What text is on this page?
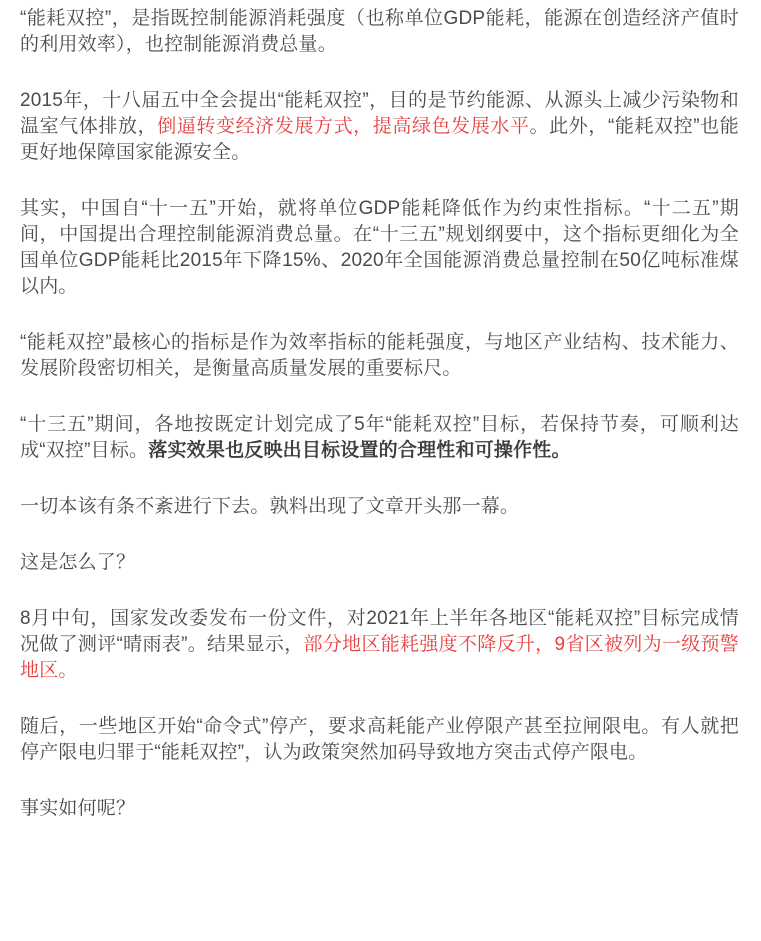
“能耗双控”，是指既控制能源消耗强度（也称单位GDP能耗，能源在创造经济产值时的利用效率），也控制能源消费总量。

2015年，十八届五中全会提出“能耗双控”，目的是节约能源、从源头上减少污染物和温室气体排放，倒逼转变经济发展方式，提高绿色发展水平。此外，“能耗双控”也能更好地保障国家能源安全。

其实，中国自“十一五”开始，就将单位GDP能耗降低作为约束性指标。“十二五”期间，中国提出合理控制能源消费总量。在“十三五”规划纲要中，这个指标更细化为全国单位GDP能耗比2015年下降15%、2020年全国能源消费总量控制在50亿吨标准煤以内。

“能耗双控”最核心的指标是作为效率指标的能耗强度，与地区产业结构、技术能力、发展阶段密切相关，是衡量高质量发展的重要标尺。

“十三五”期间，各地按既定计划完成了5年“能耗双控”目标，若保持节奏，可顺利达成“双控”目标。落实效果也反映出目标设置的合理性和可操作性。

一切本该有条不紊进行下去。孰料出现了文章开头那一幕。

这是怎么了？

8月中旬，国家发改委发布一份文件，对2021年上半年各地区“能耗双控”目标完成情况做了测评“晴雨表”。结果显示，部分地区能耗强度不降反升，9省区被列为一级预警地区。

随后，一些地区开始“命令式”停产，要求高耗能产业停限产甚至拉闸限电。有人就把停产限电归罪于“能耗双控”，认为政策突然加码导致地方突击式停产限电。

事实如何呢？
